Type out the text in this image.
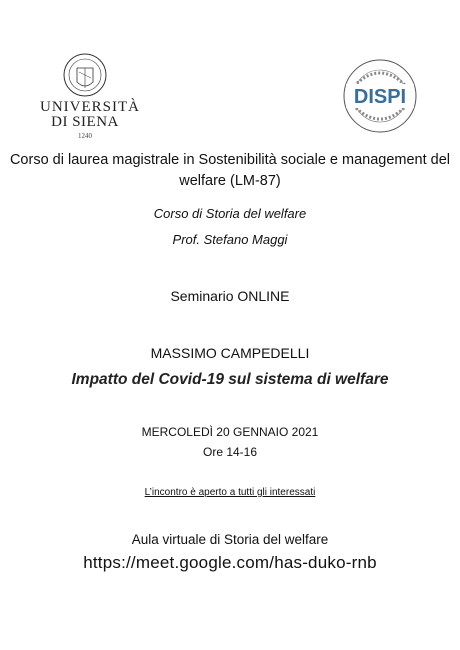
UNIVERSITÀ
DI SIENA
1240
DISPI
Corso di laurea magistrale in Sostenibilità sociale e management del welfare (LM-87)
Corso di Storia del welfare
Prof. Stefano Maggi
Seminario ONLINE
MASSIMO CAMPEDELLI
Impatto del Covid-19 sul sistema di welfare
MERCOLEDÌ 20 GENNAIO 2021
Ore 14-16
L’incontro è aperto a tutti gli interessati
Aula virtuale di Storia del welfare
https://meet.google.com/has-duko-rnb
